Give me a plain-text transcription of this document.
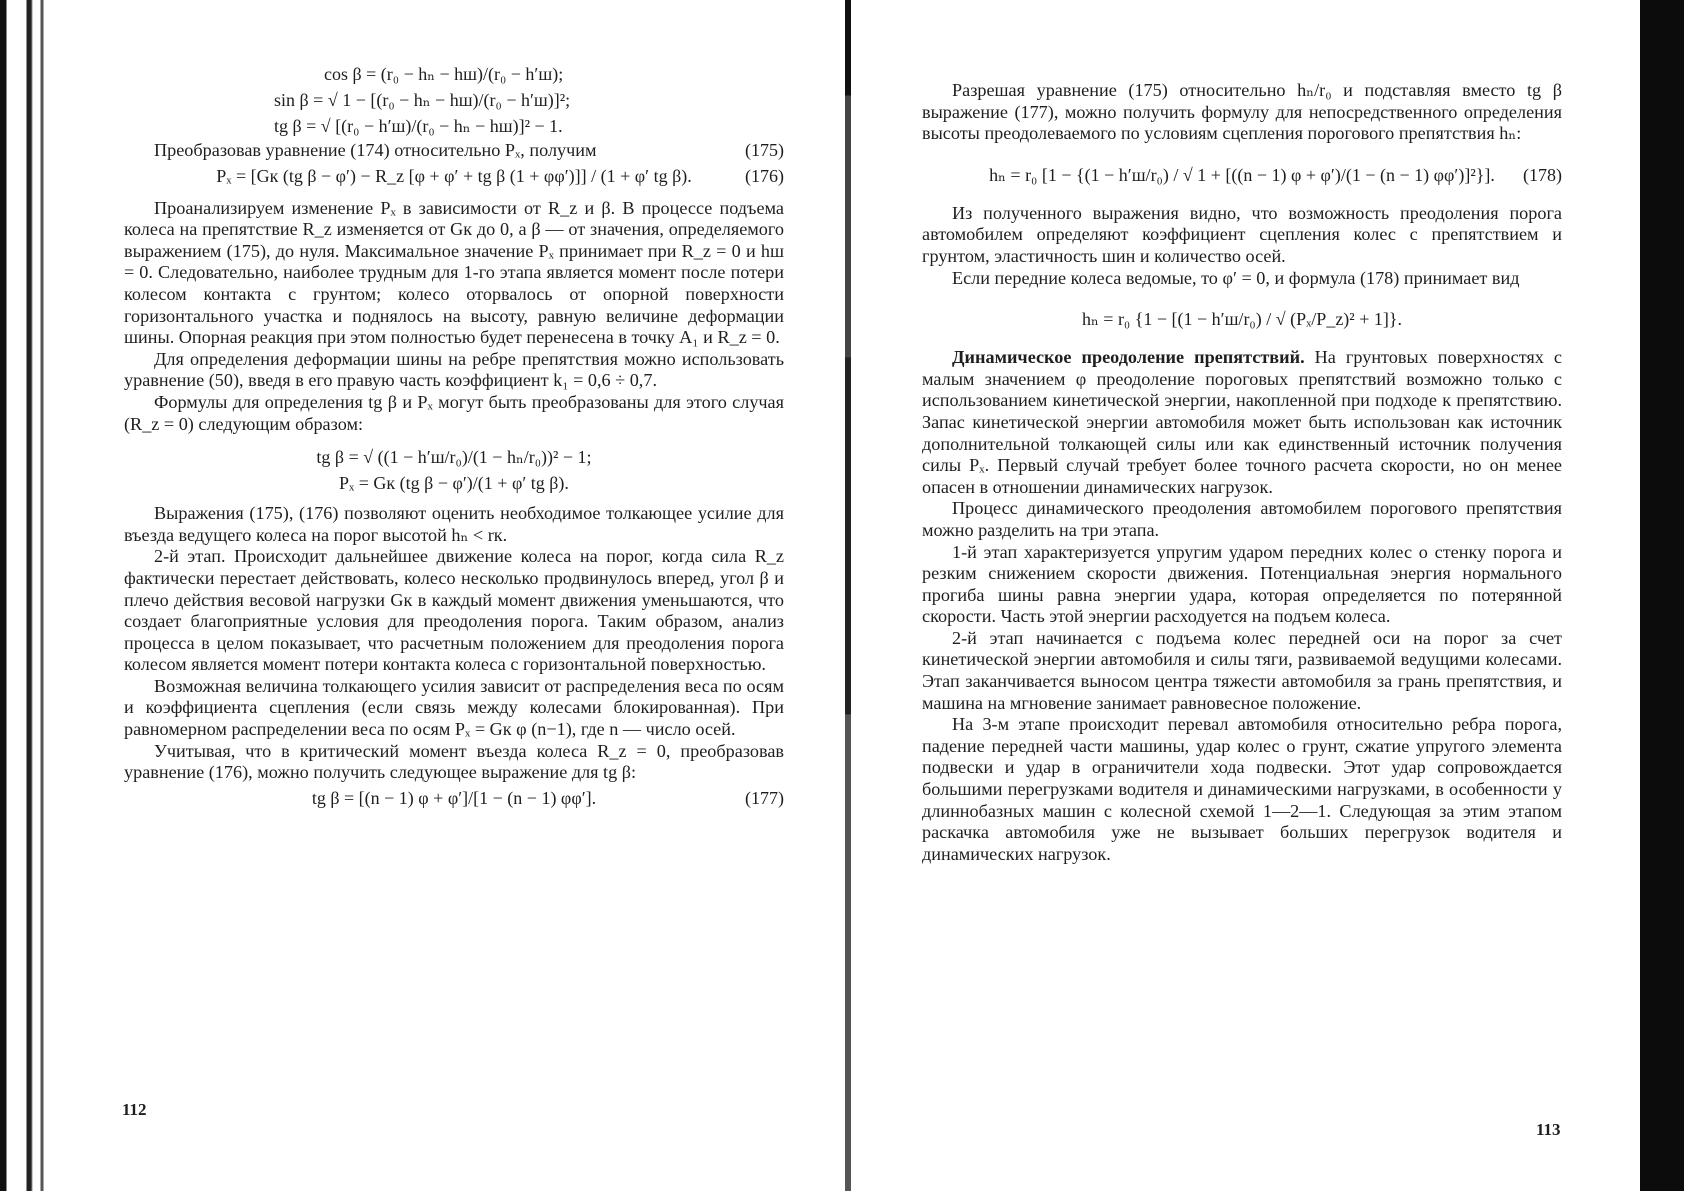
cos β = (r₀ − hₙ − hш)/(r₀ − h′ш);
sin β = √ 1 − [(r₀ − hₙ − hш)/(r₀ − h′ш)]²;
tg β = √ [(r₀ − h′ш)/(r₀ − hₙ − hш)]² − 1.
(175)

Преобразовав уравнение (174) относительно Pₓ, получим

Pₓ = [Gк (tg β − φ′) − R_z [φ + φ′ + tg β (1 + φφ′)]] / (1 + φ′ tg β).	(176)

Проанализируем изменение Pₓ в зависимости от R_z и β. В процессе подъема колеса на препятствие R_z изменяется от Gк до 0, а β — от значения, определяемого выражением (175), до нуля. Максимальное значение Pₓ принимает при R_z = 0 и hш = 0. Следовательно, наиболее трудным для 1-го этапа является момент после потери колесом контакта с грунтом; колесо оторвалось от опорной поверхности горизонтального участка и поднялось на высоту, равную величине деформации шины. Опорная реакция при этом полностью будет перенесена в точку A₁ и R_z = 0.

Для определения деформации шины на ребре препятствия можно использовать уравнение (50), введя в его правую часть коэффициент k₁ = 0,6 ÷ 0,7.

Формулы для определения tg β и Pₓ могут быть преобразованы для этого случая (R_z = 0) следующим образом:

tg β = √ ((1 − h′ш/r₀)/(1 − hₙ/r₀))² − 1;
Pₓ = Gк (tg β − φ′)/(1 + φ′ tg β).

Выражения (175), (176) позволяют оценить необходимое толкающее усилие для въезда ведущего колеса на порог высотой hₙ < rк.

2-й этап. Происходит дальнейшее движение колеса на порог, когда сила R_z фактически перестает действовать, колесо несколько продвинулось вперед, угол β и плечо действия весовой нагрузки Gк в каждый момент движения уменьшаются, что создает благоприятные условия для преодоления порога. Таким образом, анализ процесса в целом показывает, что расчетным положением для преодоления порога колесом является момент потери контакта колеса с горизонтальной поверхностью.

Возможная величина толкающего усилия зависит от распределения веса по осям и коэффициента сцепления (если связь между колесами блокированная). При равномерном распределении веса по осям Pₓ = Gк φ (n−1), где n — число осей.

Учитывая, что в критический момент въезда колеса R_z = 0, преобразовав уравнение (176), можно получить следующее выражение для tg β:

tg β = [(n − 1) φ + φ′]/[1 − (n − 1) φφ′].	(177)
112

Разрешая уравнение (175) относительно hₙ/r₀ и подставляя вместо tg β выражение (177), можно получить формулу для непосредственного определения высоты преодолеваемого по условиям сцепления порогового препятствия hₙ:

hₙ = r₀ [1 − {(1 − h′ш/r₀) / √ 1 + [((n − 1) φ + φ′)/(1 − (n − 1) φφ′)]²}].	(178)

Из полученного выражения видно, что возможность преодоления порога автомобилем определяют коэффициент сцепления колес с препятствием и грунтом, эластичность шин и количество осей.

Если передние колеса ведомые, то φ′ = 0, и формула (178) принимает вид

hₙ = r₀ {1 − [(1 − h′ш/r₀) / √ (Pₓ/P_z)² + 1]}.

Динамическое преодоление препятствий. На грунтовых поверхностях с малым значением φ преодоление пороговых препятствий возможно только с использованием кинетической энергии, накопленной при подходе к препятствию. Запас кинетической энергии автомобиля может быть использован как источник дополнительной толкающей силы или как единственный источник получения силы Pₓ. Первый случай требует более точного расчета скорости, но он менее опасен в отношении динамических нагрузок.

Процесс динамического преодоления автомобилем порогового препятствия можно разделить на три этапа.

1-й этап характеризуется упругим ударом передних колес о стенку порога и резким снижением скорости движения. Потенциальная энергия нормального прогиба шины равна энергии удара, которая определяется по потерянной скорости. Часть этой энергии расходуется на подъем колеса.

2-й этап начинается с подъема колес передней оси на порог за счет кинетической энергии автомобиля и силы тяги, развиваемой ведущими колесами. Этап заканчивается выносом центра тяжести автомобиля за грань препятствия, и машина на мгновение занимает равновесное положение.

На 3-м этапе происходит перевал автомобиля относительно ребра порога, падение передней части машины, удар колес о грунт, сжатие упругого элемента подвески и удар в ограничители хода подвески. Этот удар сопровождается большими перегрузками водителя и динамическими нагрузками, в особенности у длиннобазных машин с колесной схемой 1—2—1. Следующая за этим этапом раскачка автомобиля уже не вызывает больших перегрузок водителя и динамических нагрузок.

113
